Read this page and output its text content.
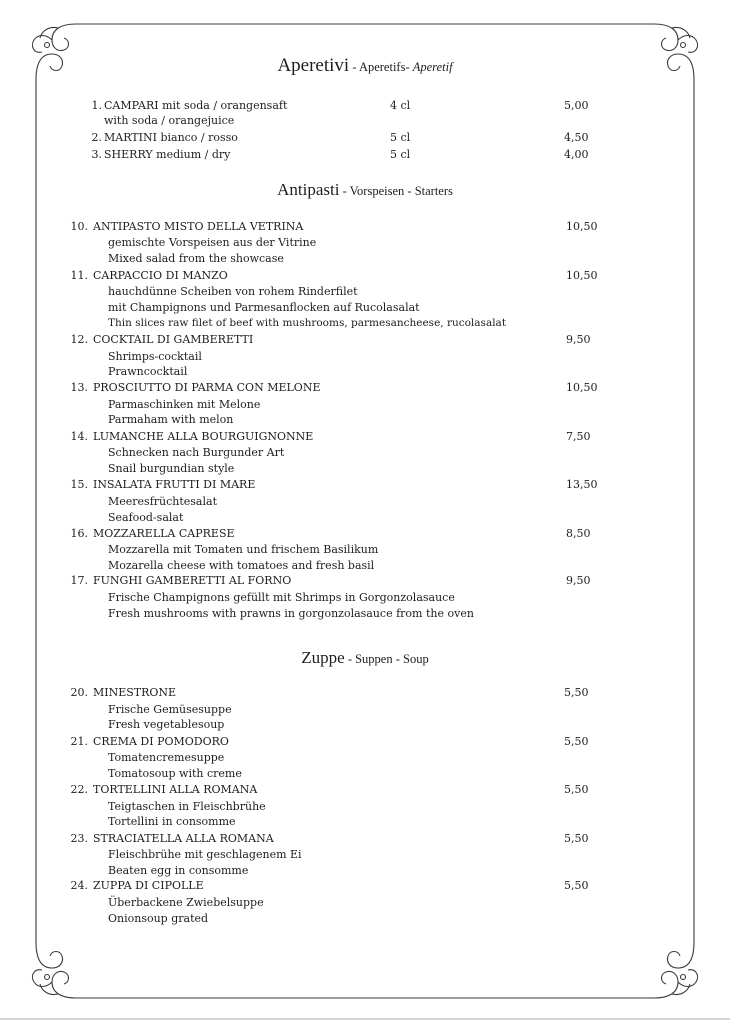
Aperetivi - Aperetifs- Aperetif
Antipasti - Vorspeisen - Starters
Zuppe - Suppen - Soup
1. CAMPARI mit soda / orangensaft	4 cl	5,00
with soda / orangejuice
2. MARTINI bianco / rosso	5 cl	4,50
3. SHERRY medium / dry	5 cl	4,00
10. ANTIPASTO MISTO DELLA VETRINA	10,50
gemischte Vorspeisen aus der Vitrine
Mixed salad from the showcase
11. CARPACCIO DI MANZO	10,50
hauchdünne Scheiben von rohem Rinderfilet
mit Champignons und Parmesanflocken auf Rucolasalat
Thin slices raw filet of beef with mushrooms, parmesancheese, rucolasalat
12. COCKTAIL DI GAMBERETTI	9,50
Shrimps-cocktail
Prawncocktail
13. PROSCIUTTO DI PARMA CON MELONE	10,50
Parmaschinken mit Melone
Parmaham with melon
14. LUMANCHE ALLA BOURGUIGNONNE	7,50
Schnecken nach Burgunder Art
Snail burgundian style
15. INSALATA FRUTTI DI MARE	13,50
Meeresfrüchtesalat
Seafood-salat
16. MOZZARELLA CAPRESE	8,50
Mozzarella mit Tomaten und frischem Basilikum
Mozarella cheese with tomatoes and fresh basil
17. FUNGHI GAMBERETTI AL FORNO	9,50
Frische Champignons gefüllt mit Shrimps in Gorgonzolasauce
Fresh mushrooms with prawns in gorgonzolasauce from the oven
20. MINESTRONE	5,50
Frische Gemüsesuppe
Fresh vegetablesoup
21. CREMA DI POMODORO	5,50
Tomatencremesuppe
Tomatosoup with creme
22. TORTELLINI ALLA ROMANA	5,50
Teigtaschen in Fleischbrühe
Tortellini in consomme
23. STRACIATELLA ALLA ROMANA	5,50
Fleischbrühe mit geschlagenem Ei
Beaten egg in consomme
24. ZUPPA DI CIPOLLE	5,50
Überbackene Zwiebelsuppe
Onionsoup grated
